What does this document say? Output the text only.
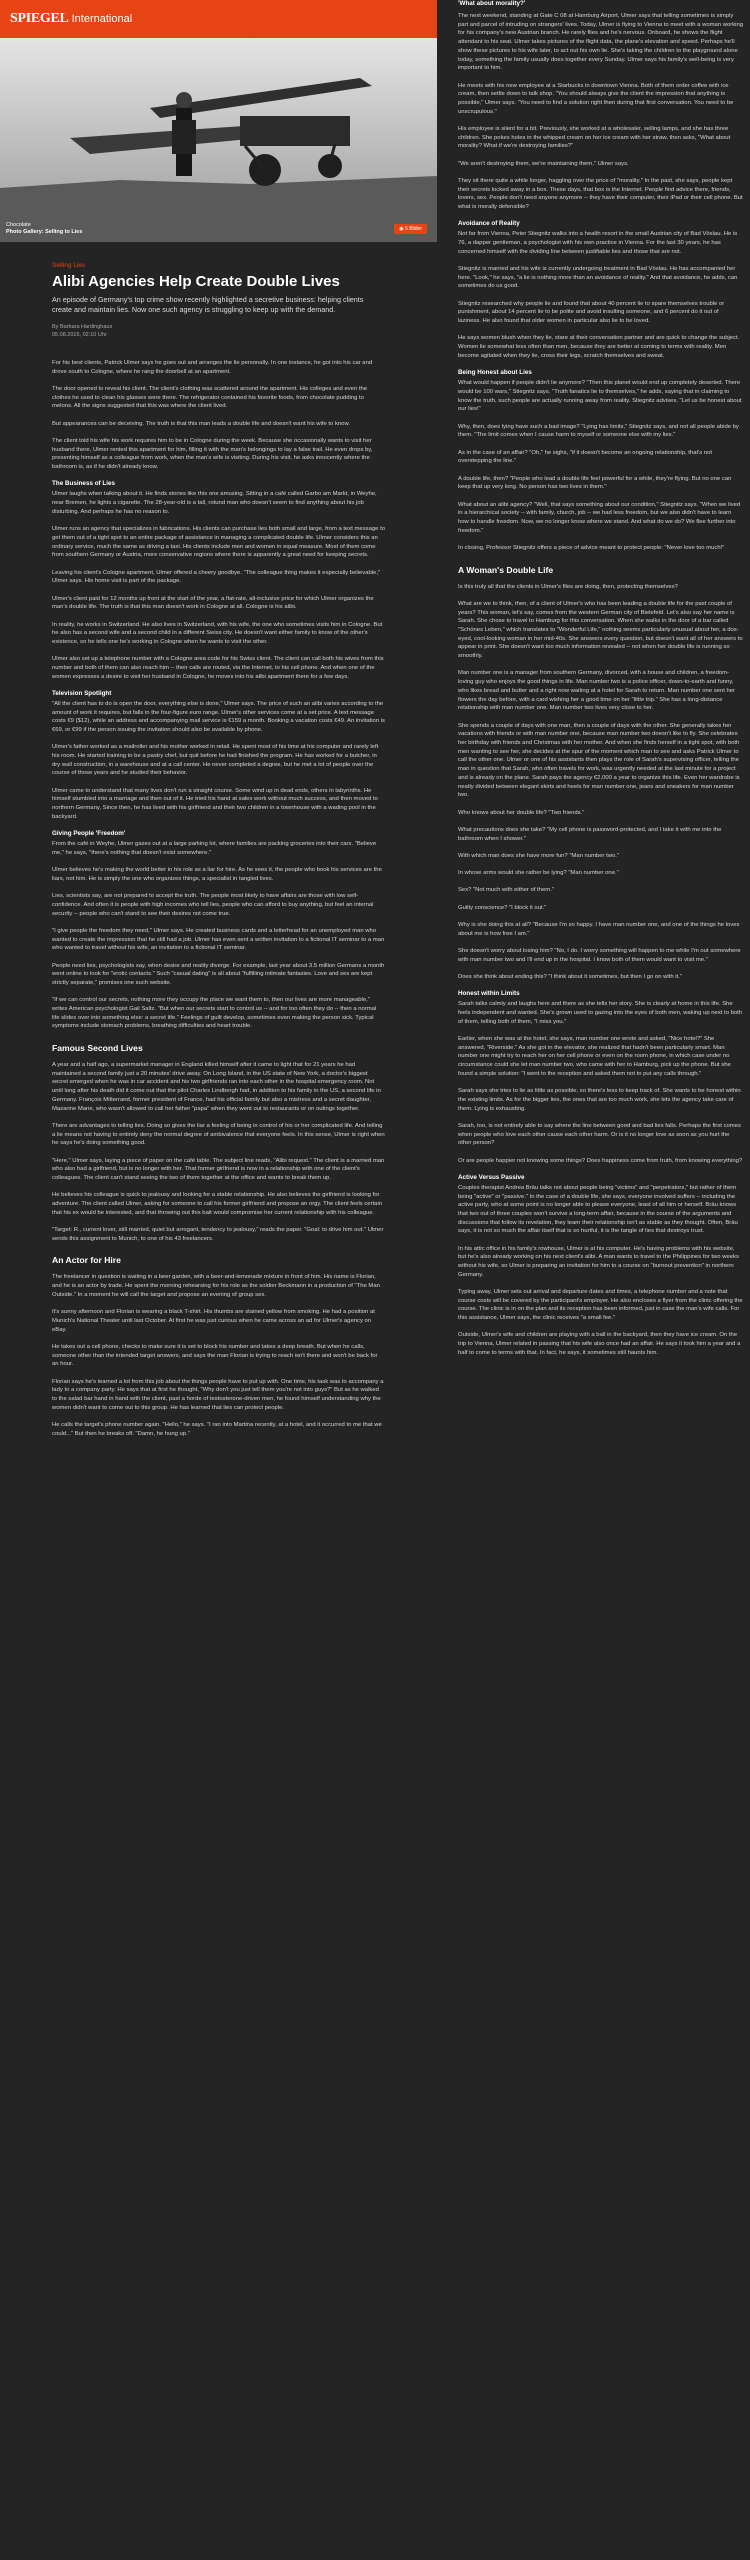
SPIEGEL International
Chocolate
Photo Gallery: Selling to Lies	◉ 5 Bilder
Selling Lies
Alibi Agencies Help Create Double Lives

An episode of Germany's top crime show recently highlighted a secretive business: helping clients create and maintain lies. Now one such agency is struggling to keep up with the demand.

By Barbara Hardinghaus
05.08.2015, 02:10 Uhr

For his best clients, Patrick Ulmer says he goes out and arranges the lie personally. In one instance, he got into his car and drove south to Cologne, where he rang the doorbell at an apartment.

The door opened to reveal his client. The client's clothing was scattered around the apartment. His colleges and even the clothes he used to clean his glasses were there. The refrigerator contained his favorite foods, from chocolate pudding to melons. All the signs suggested that this was where the client lived.

But appearances can be deceiving. The truth is that this man leads a double life and doesn't want his wife to know.

The client told his wife his work requires him to be in Cologne during the week. Because she occasionally wants to visit her husband there, Ulmer rented this apartment for him, filling it with the man's belongings to lay a false trail. He even drops by, presenting himself as a colleague from work, when the man's wife is visiting. During his visit, he asks innocently where the bathroom is, as if he didn't already know.

The Business of Lies

Ulmer laughs when talking about it. He finds stories like this one amusing. Sitting in a café called Garbo am Markt, in Weyhe, near Bremen, he lights a cigarette. The 28-year-old is a tall, rotund man who doesn't seem to find anything about his job disturbing. And perhaps he has no reason to.

Ulmer runs an agency that specializes in fabrications. His clients can purchase lies both small and large, from a text message to get them out of a tight spot to an entire package of assistance in managing a complicated double life. Ulmer considers this an ordinary service, much the same as driving a taxi. His clients include men and women in equal measure. Most of them come from southern Germany or Austria, more conservative regions where there is apparently a great need for keeping secrets.

Leaving his client's Cologne apartment, Ulmer offered a cheery goodbye. "The colleague thing makes it especially believable," Ulmer says. His home visit is part of the package.

Ulmer's client paid for 12 months up front at the start of the year, a flat-rate, all-inclusive price for which Ulmer organizes the man's double life. The truth is that this man doesn't work in Cologne at all. Cologne is his alibi.

In reality, he works in Switzerland. He also lives in Switzerland, with his wife, the one who sometimes visits him in Cologne. But he also has a second wife and a second child in a different Swiss city. He doesn't want either family to know of the other's existence, so he tells one he's working in Cologne when he wants to visit the other.

Ulmer also set up a telephone number with a Cologne area code for his Swiss client. The client can call both his wives from this number and both of them can also reach him -- their calls are routed, via the Internet, to his cell phone. And when one of the women expresses a desire to visit her husband in Cologne, he moves into his alibi apartment there for a few days.

Television Spotlight

"All the client has to do is open the door, everything else is done," Ulmer says. The price of such an alibi varies according to the amount of work it requires, but falls in the four-figure euro range. Ulmer's other services come at a set price. A text message costs €9 ($12), while an address and accompanying mail service is €159 a month. Booking a vacation costs €49. An invitation is €69, or €99 if the person issuing the invitation should also be available by phone.

Ulmer's father worked as a mailroller and his mother worked in retail. He spent most of his time at his computer and rarely left his room. He started training to be a pastry chef, but quit before he had finished the program. He has worked for a butcher, in dry wall construction, in a warehouse and at a call center. He never completed a degree, but he met a lot of people over the course of those years and he studied their behavior.

Ulmer came to understand that many lives don't run a straight course. Some wind up in dead ends, others in labyrinths. He himself stumbled into a marriage and then out of it. He tried his hand at sales work without much success, and then moved to northern Germany, Since then, he has lived with his girlfriend and their two children in a townhouse with a wading pool in the backyard.

Giving People 'Freedom'

From the café in Weyhe, Ulmer gazes out at a large parking lot, where families are packing groceries into their cars. "Believe me," he says, "there's nothing that doesn't exist somewhere."

Ulmer believes he's making the world better in his role as a liar for hire. As he sees it, the people who book his services are the liars, not him. He is simply the one who organizes things, a specialist in tangled lives.

Lies, scientists say, are not prepared to accept the truth. The people most likely to have affairs are those with low self-confidence. And often it is people with high incomes who tell lies, people who can afford to buy anything, but feel an internal security -- people who can't stand to see their desires not come true.

"I give people the freedom they need," Ulmer says. He created business cards and a letterhead for an unemployed man who wanted to create the impression that he still had a job. Ulmer has even sent a written invitation to a fictional IT seminar to a man who wanted to travel without his wife, an invitation to a fictional IT seminar.

People need lies, psychologists say, when desire and reality diverge. For example, last year about 3.5 million Germans a month went online to look for "erotic contacts." Such "casual dating" is all about "fulfilling intimate fantasies. Love and sex are kept strictly separate," promises one such website.

"If we can control our secrets, nothing more they occupy the place we want them to, then our lives are more manageable," writes American psychologist Gail Saltz. "But when our secrets start to control us -- and for too often they do -- then a normal life slides over into something else: a secret life." Feelings of guilt develop, sometimes even making the person sick. Typical symptoms include stomach problems, breathing difficulties and heart trouble.

Famous Second Lives

A year and a half ago, a supermarket manager in England killed himself after it came to light that for 21 years he had maintained a second family just a 20 minutes' drive away. On Long Island, in the US state of New York, a doctor's biggest secret emerged when he was in car accident and his two girlfriends ran into each other in the hospital emergency room. Not until long after his death did it come out that the pilot Charles Lindbergh had, in addition to his family in the US, a second life in Germany. François Mitterrand, former president of France, had his official family but also a mistress and a secret daughter, Mazarine Marie, who wasn't allowed to call her father "papa" when they went out to restaurants or on outings together.

There are advantages to telling lies. Doing so gives the liar a feeling of being in control of his or her complicated life. And telling a lie means not having to entirely deny the normal degree of ambivalence that everyone feels. In this sense, Ulmer is right when he says he's doing something good.

"Here," Ulmer says, laying a piece of paper on the café table. The subject line reads, "Alibi request." The client is a married man who also had a girlfriend, but is no longer with her. That former girlfriend is now in a relationship with one of the client's colleagues. The client can't stand seeing the two of them together at the office and wants to break them up.

He believes his colleague is quick to jealousy and looking for a stable relationship. He also believes the girlfriend is looking for adventure. The client called Ulmer, asking for someone to call his former girlfriend and propose an orgy. The client feels certain that his ex would be interested, and that throwing out this bait would compromise her current relationship with his colleague.

"Target: R., current lover, still married, quiet but arrogant, tendency to jealousy," reads the paper. "Goal: to drive him out." Ulmer sends this assignment to Munich, to one of his 43 freelancers.

An Actor for Hire

The freelancer in question is waiting in a beer garden, with a beer-and-lemonade mixture in front of him. His name is Florian, and he is an actor by trade. He spent the morning rehearsing for his role as the soldier Beckmann in a production of "The Man Outside." In a moment he will call the target and propose an evening of group sex.

It's sunny afternoon and Florian is wearing a black T-shirt. His thumbs are stained yellow from smoking. He had a position at Munich's National Theater until last October. At first he was just curious when he came across an ad for Ulmer's agency on eBay.

He takes out a cell phone, checks to make sure it is set to block his number and takes a deep breath. But when he calls, someone other than the intended target answers, and says the man Florian is trying to reach isn't there and won't be back for an hour.

Florian says he's learned a lot from this job about the things people have to put up with. One time, his task was to accompany a lady to a company party. He says that at first he thought, "Why don't you just tell them you're not into guys?" But as he walked to the salad bar hand in hand with the client, past a horde of testosterone-driven men, he found himself understanding why the women didn't want to come out to this group. He has learned that lies can protect people.

He calls the target's phone number again. "Hello," he says. "I ran into Martina recently, at a hotel, and it occurred to me that we could..." But then he breaks off. "Damn, he hung up."

'What about morality?'

The next weekend, standing at Gate C 08 at Hamburg Airport, Ulmer says that telling sometimes is simply part and parcel of intruding on strangers' lives. Today, Ulmer is flying to Vienna to meet with a woman working for his company's new Austrian branch. He rarely flies and he's nervous. Onboard, he shows the flight attendant to his seat. Ulmer takes pictures of the flight data, the plane's elevation and speed. Perhaps he'll show these pictures to his wife later, to act out his own lie. She's taking the children to the playground alone today, something the family usually does together every Sunday. Ulmer says his family's well-being is very important to him.

He meets with his new employee at a Starbucks in downtown Vienna. Both of them order coffee with ice cream, then settle down to talk shop. "You should always give the client the impression that anything is possible," Ulmer says. "You need to find a solution right then during that first conversation. You need to be unscrupulous."

His employee is silent for a bit. Previously, she worked at a wholesaler, selling lamps, and she has three children. She pokes holes in the whipped cream on her ice cream with her straw, then asks, "What about morality? What if we're destroying families?"

"We aren't destroying them, we're maintaining them," Ulmer says.

They sit there quite a while longer, haggling over the price of "morality." In the past, she says, people kept their secrets locked away in a box. These days, that box is the Internet. People find advice there, friends, lovers, sex. People don't need anyone anymore -- they have their computer, their iPad or their cell phone. But what is morally defensible?

Avoidance of Reality

Not far from Vienna, Peter Stiegnitz walks into a health resort in the small Austrian city of Bad Vöslau. He is 76, a dapper gentleman, a psychologist with his own practice in Vienna. For the last 30 years, he has concerned himself with the dividing line between justifiable lies and those that are not.

Stiegnitz is married and his wife is currently undergoing treatment in Bad Vöslau. He has accompanied her here. "Look," he says, "a lie is nothing more than an avoidance of reality." And that avoidance, he adds, can sometimes do us good.

Stiegnitz researched why people lie and found that about 40 percent lie to spare themselves trouble or punishment, about 14 percent lie to be polite and avoid insulting someone, and 6 percent do it out of laziness. He also found that older women in particular also lie to be loved.

He says women blush when they lie, stare at their conversation partner and are quick to change the subject. Women lie somewhat less often than men, because they are better at coming to terms with reality. Men become agitated when they lie, cross their legs, scratch themselves and sweat.

Being Honest about Lies

What would happen if people didn't lie anymore? "Then this planet would end up completely deserted. There would be 100 wars," Stiegnitz says. "Truth fanatics lie to themselves," he adds, saying that in claiming to know the truth, such people are actually running away from reality. Stiegnitz advises, "Let us be honest about our lies!"

Why, then, does lying have such a bad image? "Lying has limits," Stiegnitz says, and not all people abide by them. "The limit comes when I cause harm to myself or someone else with my lies."

As in the case of an affair? "Oh," he sighs, "if it doesn't become an ongoing relationship, that's not overstepping the line."

A double life, then? "People who lead a double life feel powerful for a while, they're flying. But no one can keep that up very long. No person has two lives in them."

What about an alibi agency? "Well, that says something about our condition," Stiegnitz says. "When we lived in a hierarchical society -- with family, church, job -- we had less freedom, but we also didn't have to learn how to handle freedom. Now, we no longer know where we stand. And what do we do? We flee further into freedom."

In closing, Professor Stiegnitz offers a piece of advice meant to protect people: "Never love too much!"

A Woman's Double Life

Is this truly all that the clients in Ulmer's files are doing, then, protecting themselves?

What are we to think, then, of a client of Ulmer's who has been leading a double life for the past couple of years? This woman, let's say, comes from the western German city of Bielefeld. Let's also say her name is Sarah. She chose to travel to Hamburg for this conversation. When she walks in the door of a bar called "Schönes Leben," which translates to "Wonderful Life," nothing seems particularly unusual about her, a dos-eyed, cool-looking woman in her mid-40s. She answers every question, but doesn't want all of her answers to appear in print. She doesn't want too much information revealed -- not when her double life is running so smoothly.

Man number one is a manager from southern Germany, divorced, with a house and children, a freedom-loving guy who enjoys the good things in life. Man number two is a police officer, down-to-earth and funny, who likes bread and butter and a right now waiting at a hotel for Sarah to return. Man number one sent her flowers the day before, with a card wishing her a good time on her "little trip." She has a long-distance relationship with man number one. Man number two lives very close to her.

She spends a couple of days with one man, then a couple of days with the other. She generally takes her vacations with friends or with man number one, because man number two doesn't like to fly. She celebrates her birthday with friends and Christmas with her mother. And when she finds herself in a tight spot, with both men wanting to see her, she decides at the spur of the moment which man to see and asks Patrick Ulmer to call the other one. Ulmer or one of his assistants then plays the role of Sarah's supervising officer, telling the man in question that Sarah, who often travels for work, was urgently needed at the last minute for a project and is already on the plane. Sarah pays the agency €2,000 a year to organize this life. Even her wardrobe is neatly divided between elegant skirts and heels for man number one, jeans and sneakers for man number two.

Who knows about her double life? "Two friends."

What precautions does she take? "My cell phone is password-protected, and I take it with me into the bathroom when I shower."

With which man does she have more fun? "Man number two."

In whose arms would she rather be lying? "Man number one."

Sex? "Not much with either of them."

Guilty conscience? "I block it out."

Why is she doing this at all? "Because I'm so happy. I have man number one, and one of the things he loves about me is how free I am."

She doesn't worry about losing him? "No, I do. I worry something will happen to me while I'm out somewhere with man number two and I'll end up in the hospital. I know both of them would want to visit me."

Does she think about ending this? "I think about it sometimes, but then I go on with it."

Honest within Limits

Sarah talks calmly and laughs here and there as she tells her story. She is clearly at home in this life. She feels independent and wanted. She's grown used to gazing into the eyes of both men, waking up next to both of them, telling both of them, "I miss you."

Earlier, when she was at the hotel, she says, man number one wrote and asked, "Nice hotel?" She answered, "Riverside." As she got in the elevator, she realized that hadn't been particularly smart. Man number one might try to reach her on her cell phone or even on the room phone, in which case under no circumstance could she let man number two, who came with her to Hamburg, pick up the phone. But she found a simple solution: "I went to the reception and asked them not to put any calls through."

Sarah says she tries to lie as little as possible, so there's less to keep track of. She wants to be honest within the existing limits. As for the bigger lies, the ones that are too much work, she lets the agency take care of them. Lying is exhausting.

Sarah, too, is not entirely able to say where the line between good and bad lies falls. Perhaps the first comes when people who love each other cause each other harm. Or is it no longer love as soon as you hurt the other person?

Or are people happier not knowing some things? Does happiness come from truth, from knowing everything?

Active Versus Passive

Couples therapist Andrea Bräu talks not about people being "victims" and "perpetrators," but rather of them being "active" or "passive." In the case of a double life, she says, everyone involved suffers -- including the active party, who at some point is no longer able to please everyone, least of all him or herself. Bräu knows that two out of three couples won't survive a long-term affair, because in the course of the arguments and discussions that follow its revelation, they learn their relationship isn't as stable as they thought. Often, Bräu says, it is not so much the affair itself that is so hurtful, it is the tangle of lies that destroys trust.

In his attic office in his family's rowhouse, Ulmer is at his computer. He's having problems with his website, but he's also already working on his next client's alibi. A man wants to travel to the Philippines for two weeks without his wife, so Ulmer is preparing an invitation for him to a course on "burnout prevention" in northern Germany.

Typing away, Ulmer sets out arrival and departure dates and times, a telephone number and a note that course costs will be covered by the participant's employer. He also encloses a flyer from the clinic offering the course. The clinic is in on the plan and its reception has been informed, just in case the man's wife calls. For this assistance, Ulmer says, the clinic receives "a small fee."

Outside, Ulmer's wife and children are playing with a ball in the backyard, then they have ice cream. On the trip to Vienna, Ulmer related in passing that his wife also once had an affair. He says it took him a year and a half to come to terms with that. In fact, he says, it sometimes still haunts him.
